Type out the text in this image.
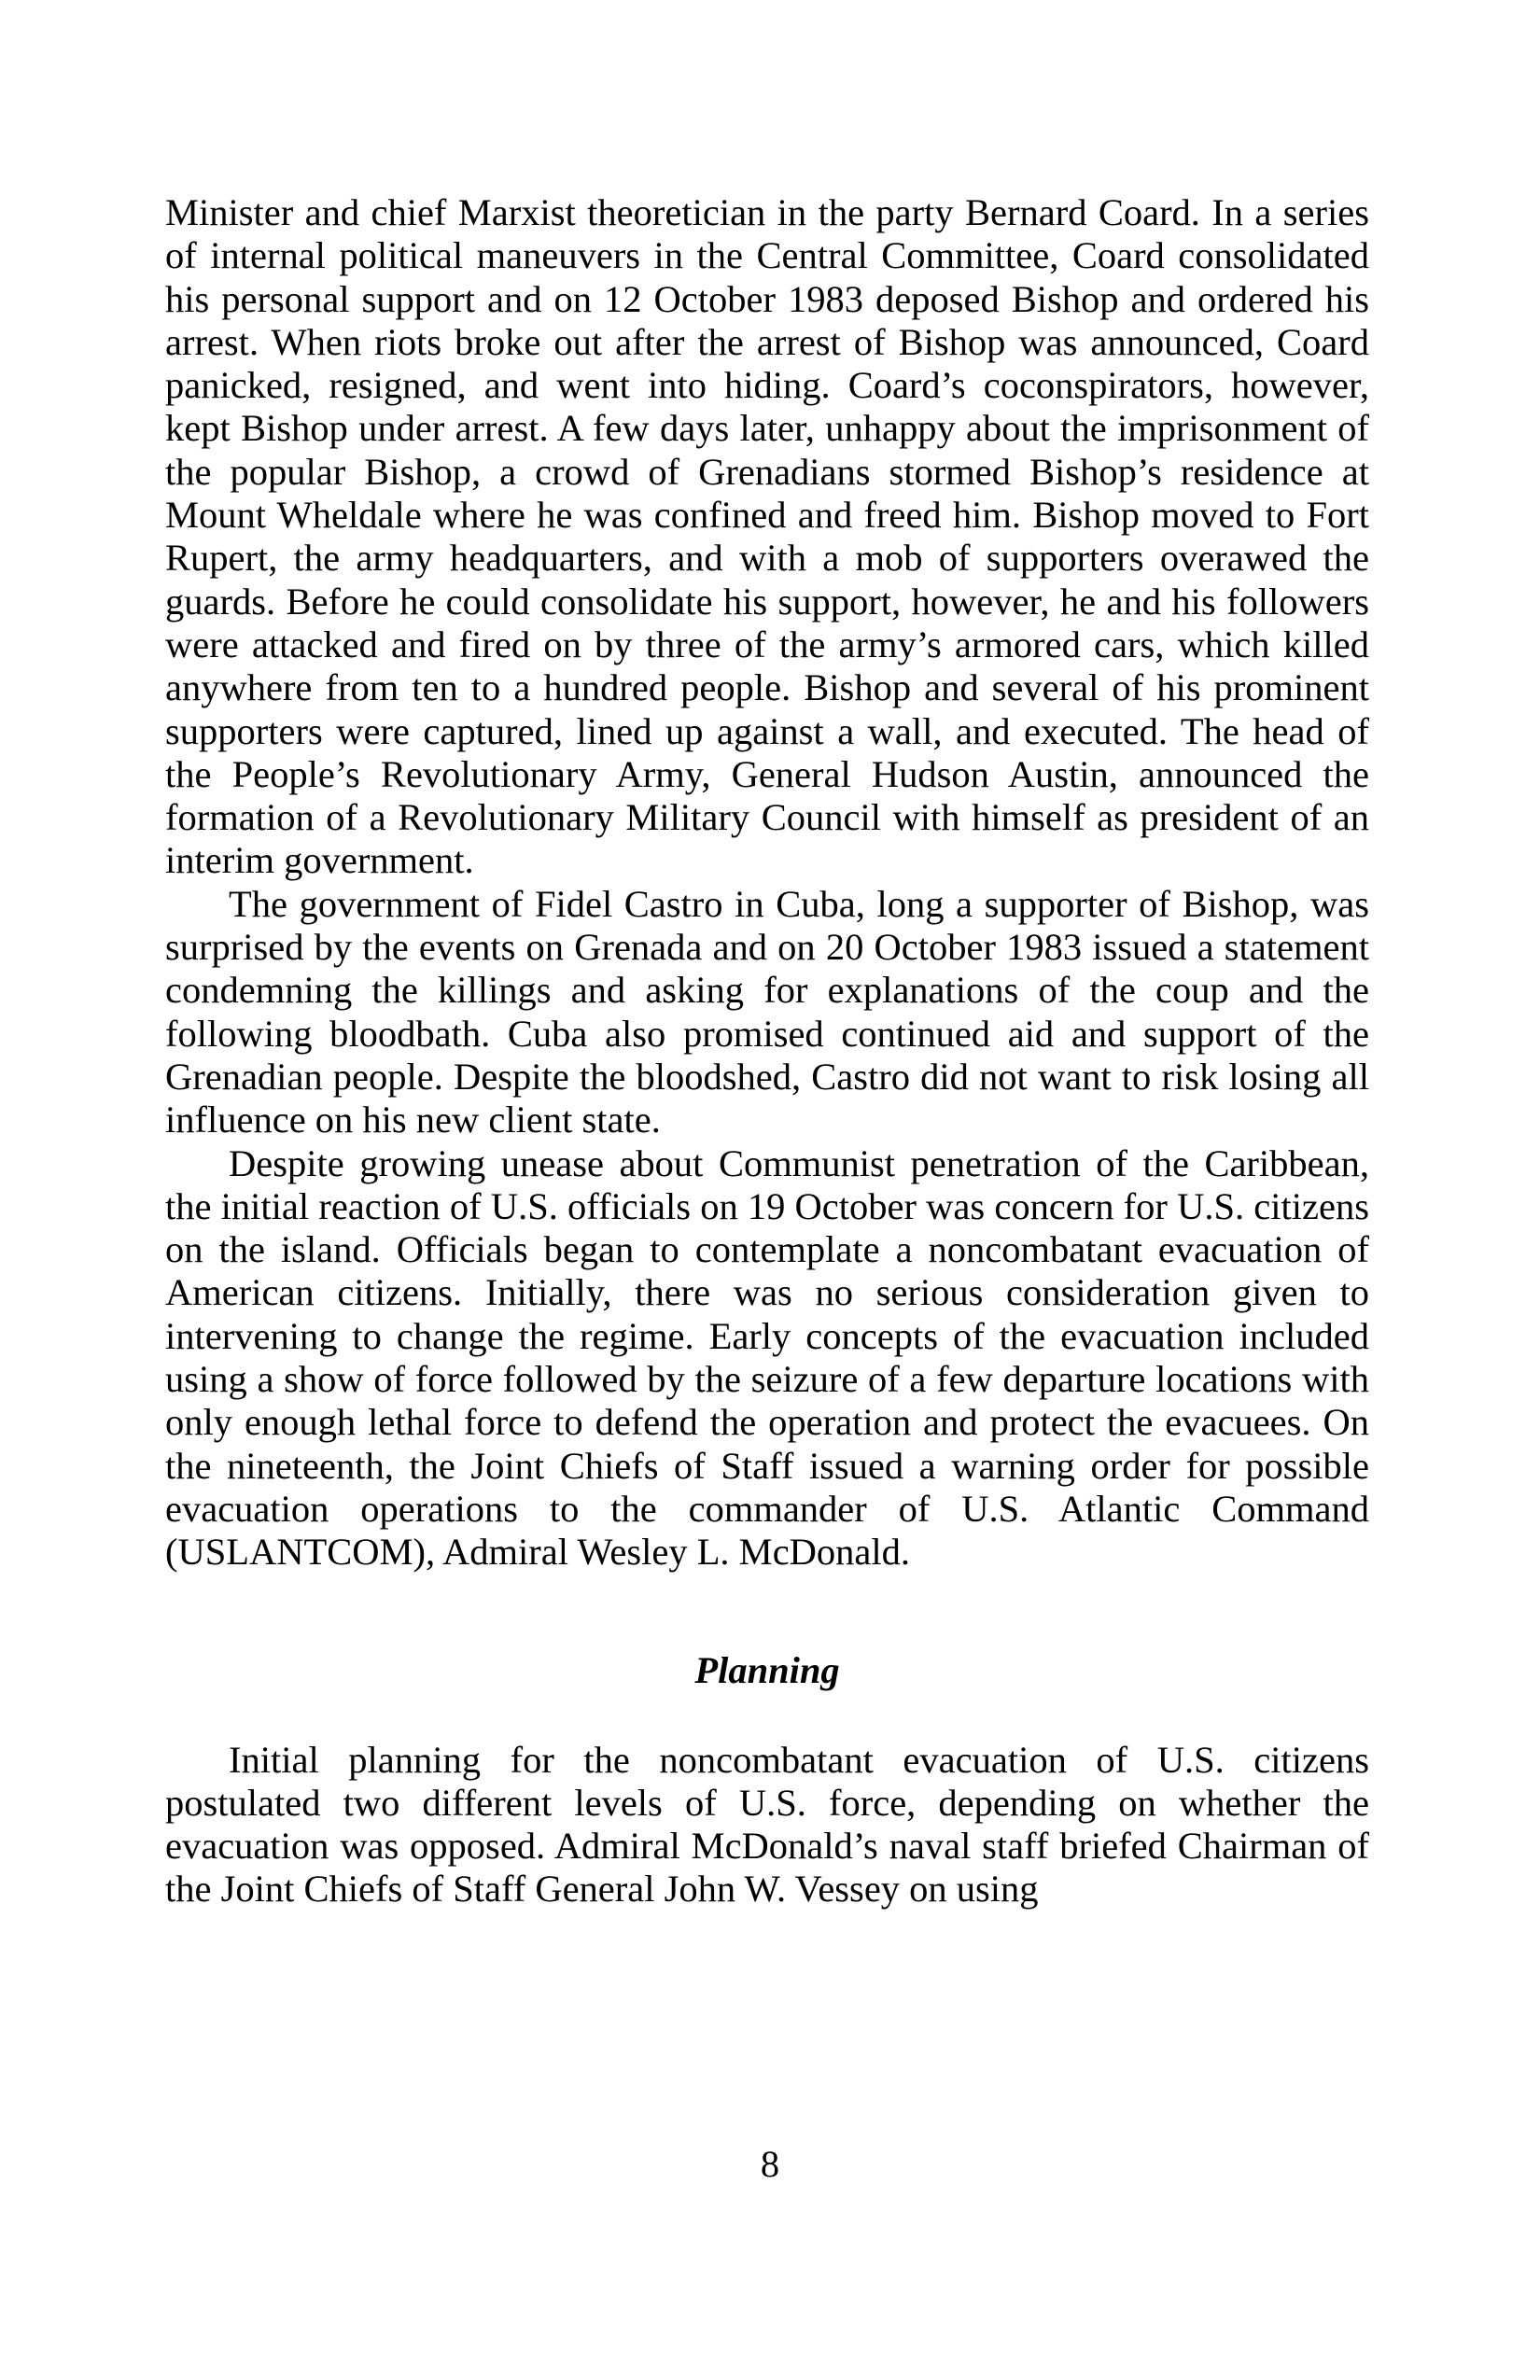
Minister and chief Marxist theoretician in the party Bernard Coard. In a series of internal political maneuvers in the Central Committee, Coard consolidated his personal support and on 12 October 1983 deposed Bishop and ordered his arrest. When riots broke out after the arrest of Bishop was announced, Coard panicked, resigned, and went into hiding. Coard’s coconspirators, however, kept Bishop under arrest. A few days later, unhappy about the imprisonment of the popular Bishop, a crowd of Grenadians stormed Bishop’s residence at Mount Wheldale where he was confined and freed him. Bishop moved to Fort Rupert, the army headquarters, and with a mob of supporters overawed the guards. Before he could consolidate his support, however, he and his followers were attacked and fired on by three of the army’s armored cars, which killed anywhere from ten to a hundred people. Bishop and several of his prominent supporters were captured, lined up against a wall, and executed. The head of the People’s Revolutionary Army, General Hudson Austin, announced the formation of a Revolutionary Military Council with himself as president of an interim government.

The government of Fidel Castro in Cuba, long a supporter of Bishop, was surprised by the events on Grenada and on 20 October 1983 issued a statement condemning the killings and asking for explanations of the coup and the following bloodbath. Cuba also promised continued aid and support of the Grenadian people. Despite the bloodshed, Castro did not want to risk losing all influence on his new client state.

Despite growing unease about Communist penetration of the Caribbean, the initial reaction of U.S. officials on 19 October was concern for U.S. citizens on the island. Officials began to contemplate a noncombatant evacuation of American citizens. Initially, there was no serious consideration given to intervening to change the regime. Early concepts of the evacuation included using a show of force followed by the seizure of a few departure locations with only enough lethal force to defend the operation and protect the evacuees. On the nineteenth, the Joint Chiefs of Staff issued a warning order for possible evacuation operations to the commander of U.S. Atlantic Command (USLANTCOM), Admiral Wesley L. McDonald.

Planning

Initial planning for the noncombatant evacuation of U.S. citizens postulated two different levels of U.S. force, depending on whether the evacuation was opposed. Admiral McDonald’s naval staff briefed Chairman of the Joint Chiefs of Staff General John W. Vessey on using

8
